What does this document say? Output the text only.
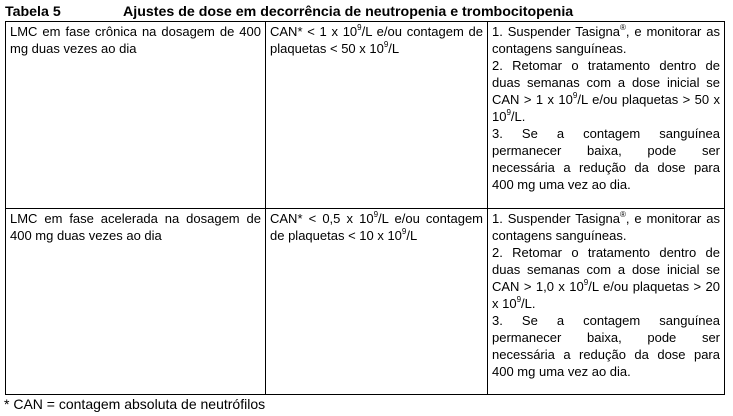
Tabela 5	Ajustes de dose em decorrência de neutropenia e trombocitopenia

LMC em fase crônica na dosagem de 400 mg duas vezes ao dia	CAN* < 1 x $10^9/L$ e/ou contagem de plaquetas < 50 x $10^9/L$	1. Suspender Tasigna®, e monitorar as contagens sanguíneas.

2. Retomar o tratamento dentro de duas semanas com a dose inicial se CAN > 1 x $10^9/L$ e/ou plaquetas > 50 x $10^9/L$.

3. Se a contagem sanguínea permanecer baixa, pode ser necessária a redução da dose para 400 mg uma vez ao dia.

LMC em fase acelerada na dosagem de 400 mg duas vezes ao dia	CAN* < 0,5 x $10^9/L$ e/ou contagem de plaquetas < 10 x $10^9/L$	1. Suspender Tasigna®, e monitorar as contagens sanguíneas.

2. Retomar o tratamento dentro de duas semanas com a dose inicial se CAN > 1,0 x $10^9/L$ e/ou plaquetas > 20 x $10^9/L$.

3. Se a contagem sanguínea permanecer baixa, pode ser necessária a redução da dose para 400 mg uma vez ao dia.

* CAN = contagem absoluta de neutrófilos
